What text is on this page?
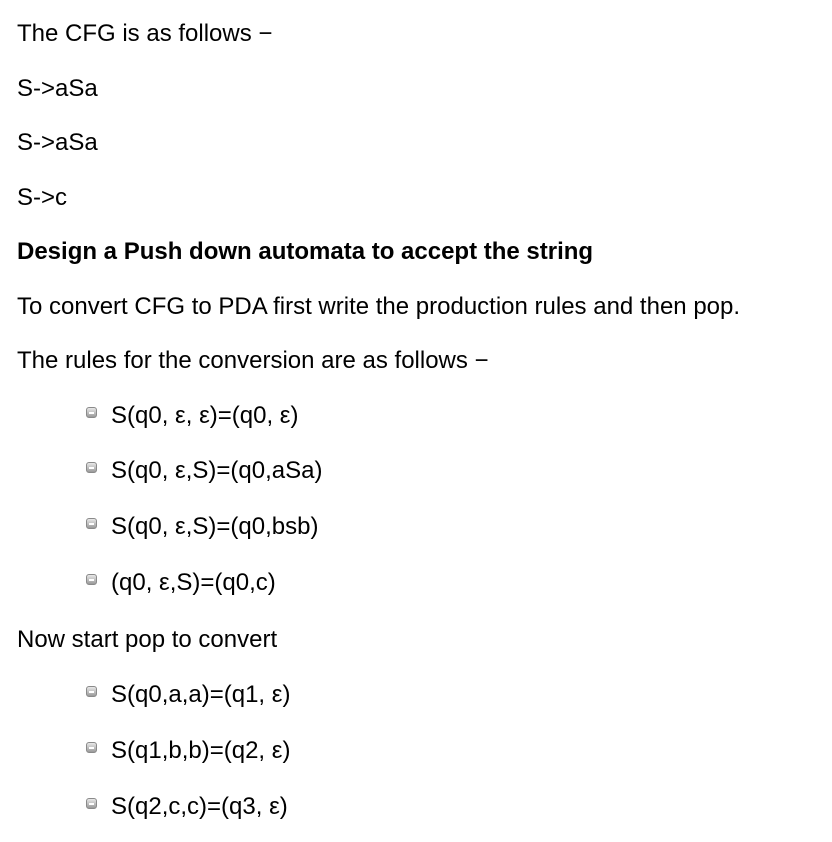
The CFG is as follows −
S->aSa
S->aSa
S->c
Design a Push down automata to accept the string
To convert CFG to PDA first write the production rules and then pop.
The rules for the conversion are as follows −
S(q0, ε, ε)=(q0, ε)
S(q0, ε,S)=(q0,aSa)
S(q0, ε,S)=(q0,bsb)
(q0, ε,S)=(q0,c)
Now start pop to convert
S(q0,a,a)=(q1, ε)
S(q1,b,b)=(q2, ε)
S(q2,c,c)=(q3, ε)
